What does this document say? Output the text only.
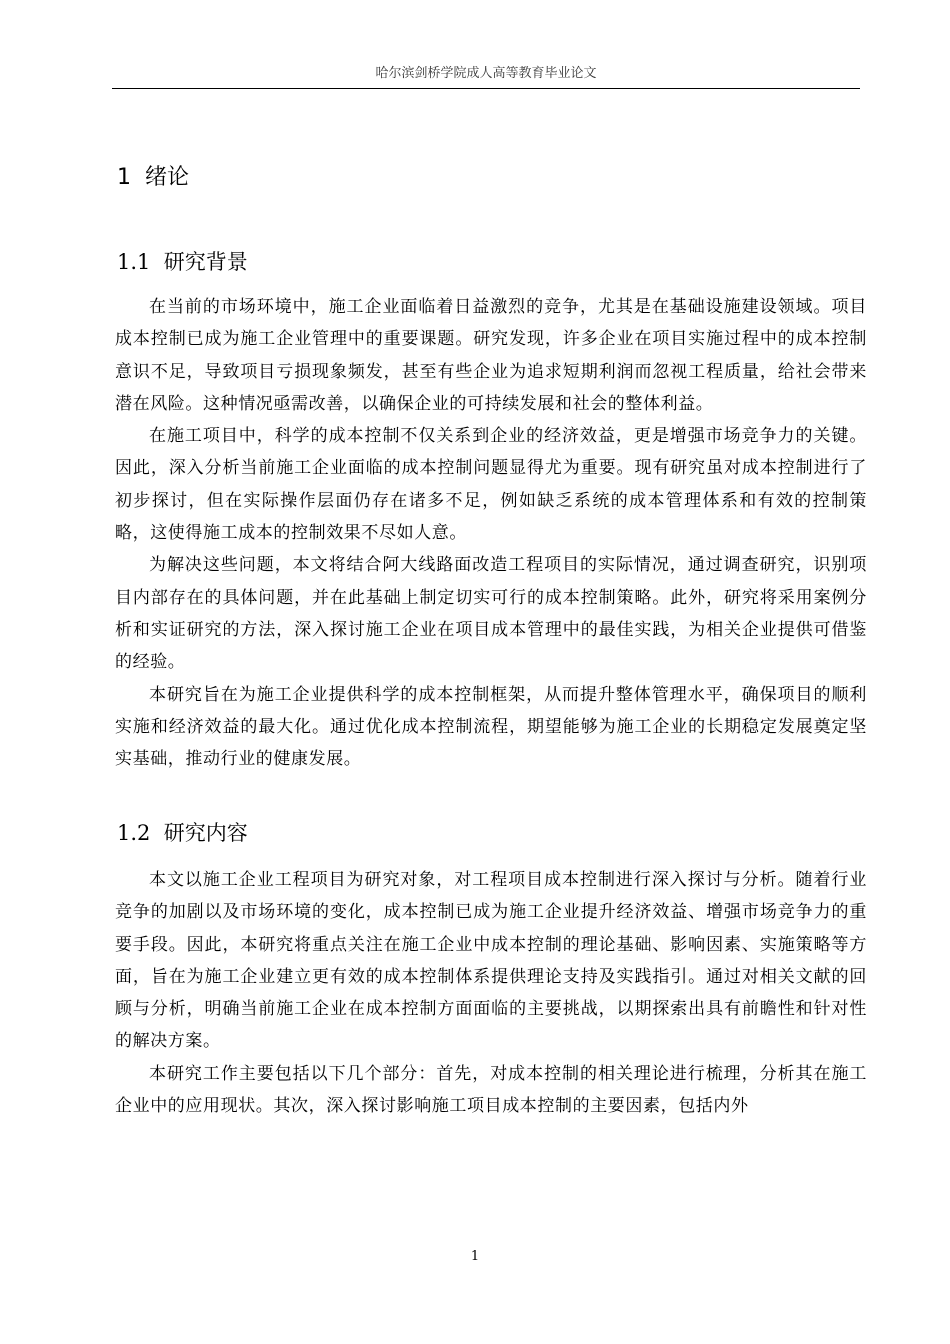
哈尔滨剑桥学院成人高等教育毕业论文
1 绪论
1.1 研究背景

在当前的市场环境中，施工企业面临着日益激烈的竞争，尤其是在基础设施建设领域。项目成本控制已成为施工企业管理中的重要课题。研究发现，许多企业在项目实施过程中的成本控制意识不足，导致项目亏损现象频发，甚至有些企业为追求短期利润而忽视工程质量，给社会带来潜在风险。这种情况亟需改善，以确保企业的可持续发展和社会的整体利益。

在施工项目中，科学的成本控制不仅关系到企业的经济效益，更是增强市场竞争力的关键。因此，深入分析当前施工企业面临的成本控制问题显得尤为重要。现有研究虽对成本控制进行了初步探讨，但在实际操作层面仍存在诸多不足，例如缺乏系统的成本管理体系和有效的控制策略，这使得施工成本的控制效果不尽如人意。

为解决这些问题，本文将结合阿大线路面改造工程项目的实际情况，通过调查研究，识别项目内部存在的具体问题，并在此基础上制定切实可行的成本控制策略。此外，研究将采用案例分析和实证研究的方法，深入探讨施工企业在项目成本管理中的最佳实践，为相关企业提供可借鉴的经验。

本研究旨在为施工企业提供科学的成本控制框架，从而提升整体管理水平，确保项目的顺利实施和经济效益的最大化。通过优化成本控制流程，期望能够为施工企业的长期稳定发展奠定坚实基础，推动行业的健康发展。

1.2 研究内容

本文以施工企业工程项目为研究对象，对工程项目成本控制进行深入探讨与分析。随着行业竞争的加剧以及市场环境的变化，成本控制已成为施工企业提升经济效益、增强市场竞争力的重要手段。因此，本研究将重点关注在施工企业中成本控制的理论基础、影响因素、实施策略等方面，旨在为施工企业建立更有效的成本控制体系提供理论支持及实践指引。通过对相关文献的回顾与分析，明确当前施工企业在成本控制方面面临的主要挑战，以期探索出具有前瞻性和针对性的解决方案。

本研究工作主要包括以下几个部分：首先，对成本控制的相关理论进行梳理，分析其在施工企业中的应用现状。其次，深入探讨影响施工项目成本控制的主要因素，包括内外

1
